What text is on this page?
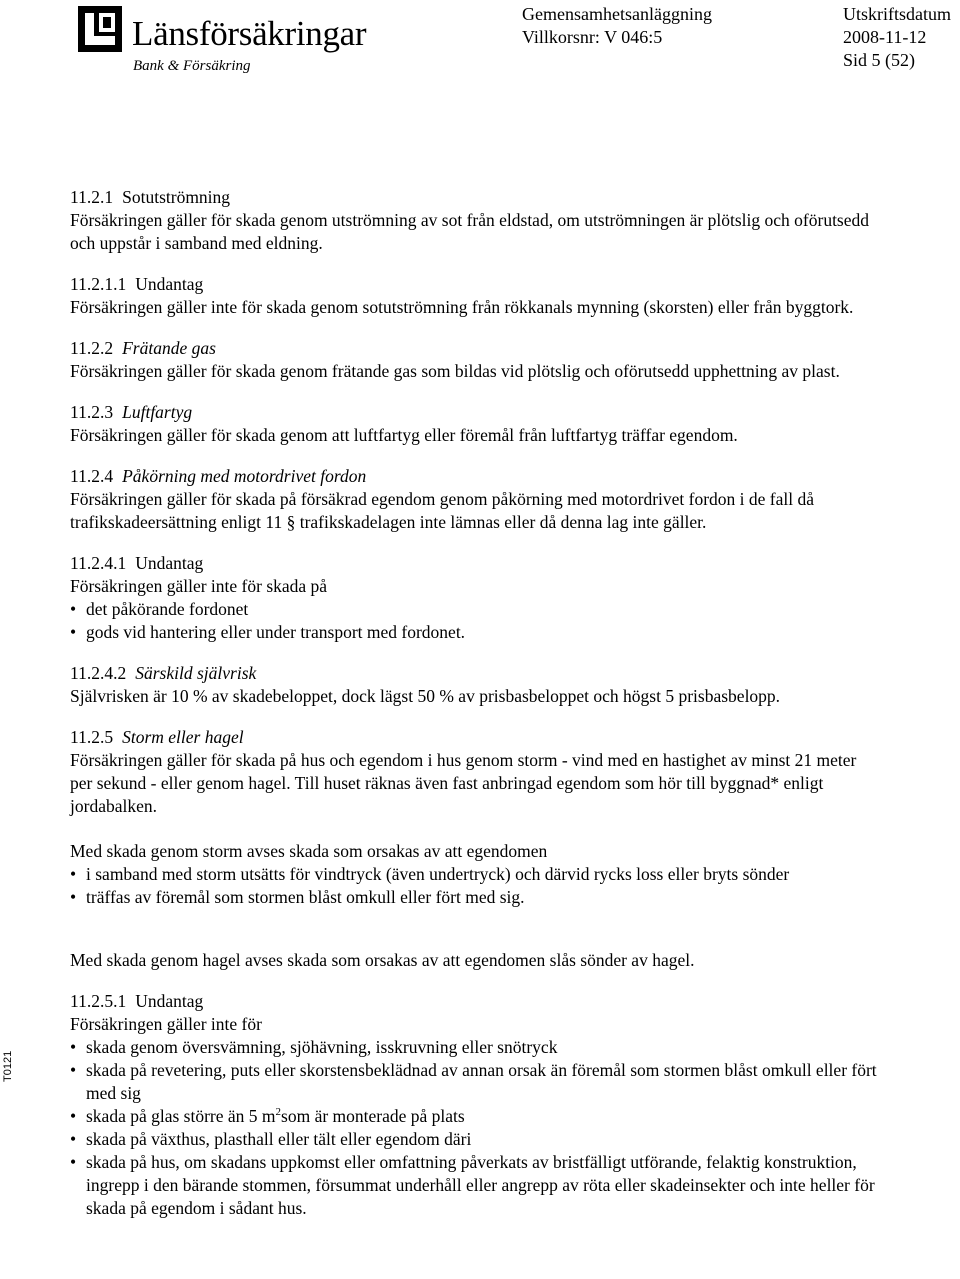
Länsförsäkringar
Bank & Försäkring
Gemensamhetsanläggning
Villkorsnr: V 046:5
Utskriftsdatum
2008-11-12
Sid 5 (52)
T0121

11.2.1 Sotutströmning

Försäkringen gäller för skada genom utströmning av sot från eldstad, om utströmningen är plötslig och oförutsedd och uppstår i samband med eldning.

11.2.1.1 Undantag

Försäkringen gäller inte för skada genom sotutströmning från rökkanals mynning (skorsten) eller från byggtork.

11.2.2 Frätande gas

Försäkringen gäller för skada genom frätande gas som bildas vid plötslig och oförutsedd upphettning av plast.

11.2.3 Luftfartyg

Försäkringen gäller för skada genom att luftfartyg eller föremål från luftfartyg träffar egendom.

11.2.4 Påkörning med motordrivet fordon

Försäkringen gäller för skada på försäkrad egendom genom påkörning med motordrivet fordon i de fall då trafikskadeersättning enligt 11 § trafikskadelagen inte lämnas eller då denna lag inte gäller.

11.2.4.1 Undantag

Försäkringen gäller inte för skada på

• det påkörande fordonet
• gods vid hantering eller under transport med fordonet.

11.2.4.2 Särskild självrisk

Självrisken är 10 % av skadebeloppet, dock lägst 50 % av prisbasbeloppet och högst 5 prisbasbelopp.

11.2.5 Storm eller hagel

Försäkringen gäller för skada på hus och egendom i hus genom storm - vind med en hastighet av minst 21 meter per sekund - eller genom hagel. Till huset räknas även fast anbringad egendom som hör till byggnad* enligt jordabalken.

Med skada genom storm avses skada som orsakas av att egendomen

• i samband med storm utsätts för vindtryck (även undertryck) och därvid rycks loss eller bryts sönder
• träffas av föremål som stormen blåst omkull eller fört med sig.

Med skada genom hagel avses skada som orsakas av att egendomen slås sönder av hagel.

11.2.5.1 Undantag

Försäkringen gäller inte för

• skada genom översvämning, sjöhävning, isskruvning eller snötryck
• skada på revetering, puts eller skorstensbeklädnad av annan orsak än föremål som stormen blåst omkull eller fört med sig
• skada på glas större än 5 $m^2som$ är monterade på plats
• skada på växthus, plasthall eller tält eller egendom däri
• skada på hus, om skadans uppkomst eller omfattning påverkats av bristfälligt utförande, felaktig konstruktion, ingrepp i den bärande stommen, försummat underhåll eller angrepp av röta eller skadeinsekter och inte heller för skada på egendom i sådant hus.
